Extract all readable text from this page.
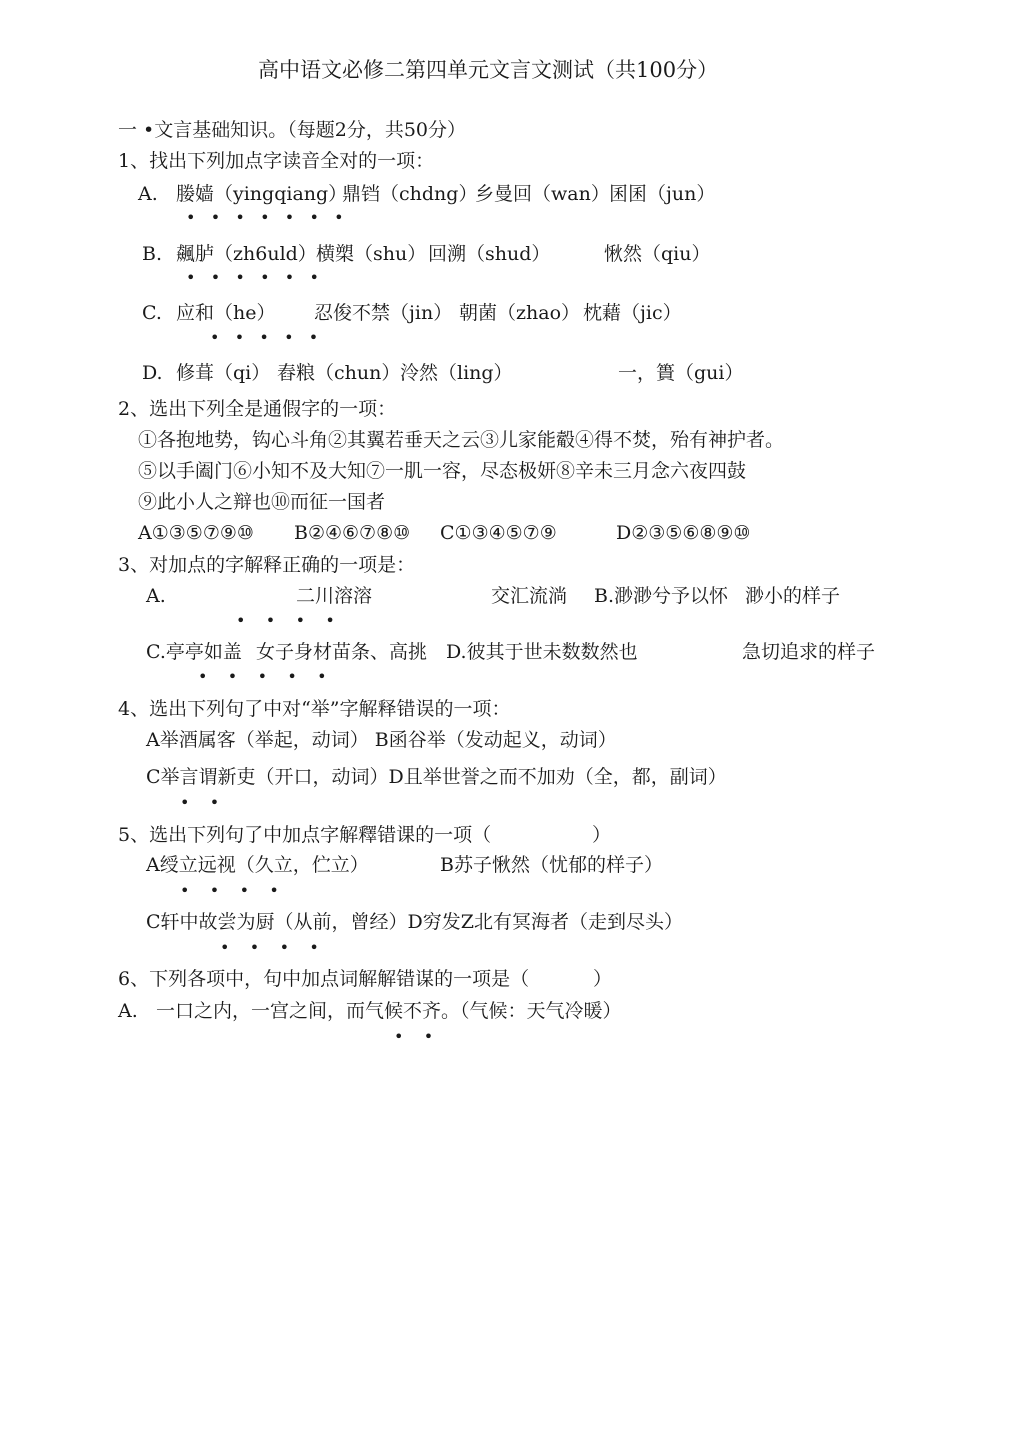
高中语文必修二第四单元文言文测试（共100分）
一 •文言基础知识。（每题2分，共50分）
1、找出下列加点字读音全对的一项：
A. 媵嫱（yingqiang）
鼎铛（chdng）
乡曼回（wan） 囷囷（jun）
•   •   •   •   •   •   •
B. 飆胪（zh6uld） 横槊（shu） 回溯（shud）	愀然（qiu）
•   •   •   •   •   •
C. 应和（he） 忍俊不禁（jin） 朝菌（zhao） 枕藉（jic）
•   •   •   •   •
D. 修葺（qi） 舂粮（chun） 泠然（ling）	一，簣（gui）
2、选出下列全是通假字的一项：
①各抱地势，钩心斗角②其翼若垂天之云③儿家能觳④得不焚，殆有神护者。
⑤以手阖门⑥小知不及大知⑦一肌一容，尽态极妍⑧辛未三月念六夜四鼓
⑨此小人之辩也⑩而征一国者
A①③⑤⑦⑨⑩ B②④⑥⑦⑧⑩ C①③④⑤⑦⑨	D②③⑤⑥⑧⑨⑩
3、对加点的字解释正确的一项是：
A.	二川溶溶	交汇流淌 B.渺渺兮予以怀 渺小的样子
•    •    •    •
C.亭亭如盖 女子身材苗条、高挑 D.彼其于世未数数然也	急切追求的样子
•    •    •    •    •
4、选出下列句了中对“举”字解释错误的一项：
A举酒属客（举起，动词） B函谷举（发动起义，动词）
C举言谓新吏（开口，动词）D且举世誉之而不加劝（全，都，副词）
•    •
5、选出下列句了中加点字解釋错课的一项（	）
A绶立远视（久立，伫立）	B苏子愀然（忧郁的样子）
•    •    •    •
C轩中故尝为厨（从前，曾经）D穷发Z北有冥海者（走到尽头）
•    •    •    •
6、下列各项中，句中加点词解解错谋的一项是（	）
A. 一口之内，一宫之间，而气候不齐。（气候：天气冷暖）
•    •
